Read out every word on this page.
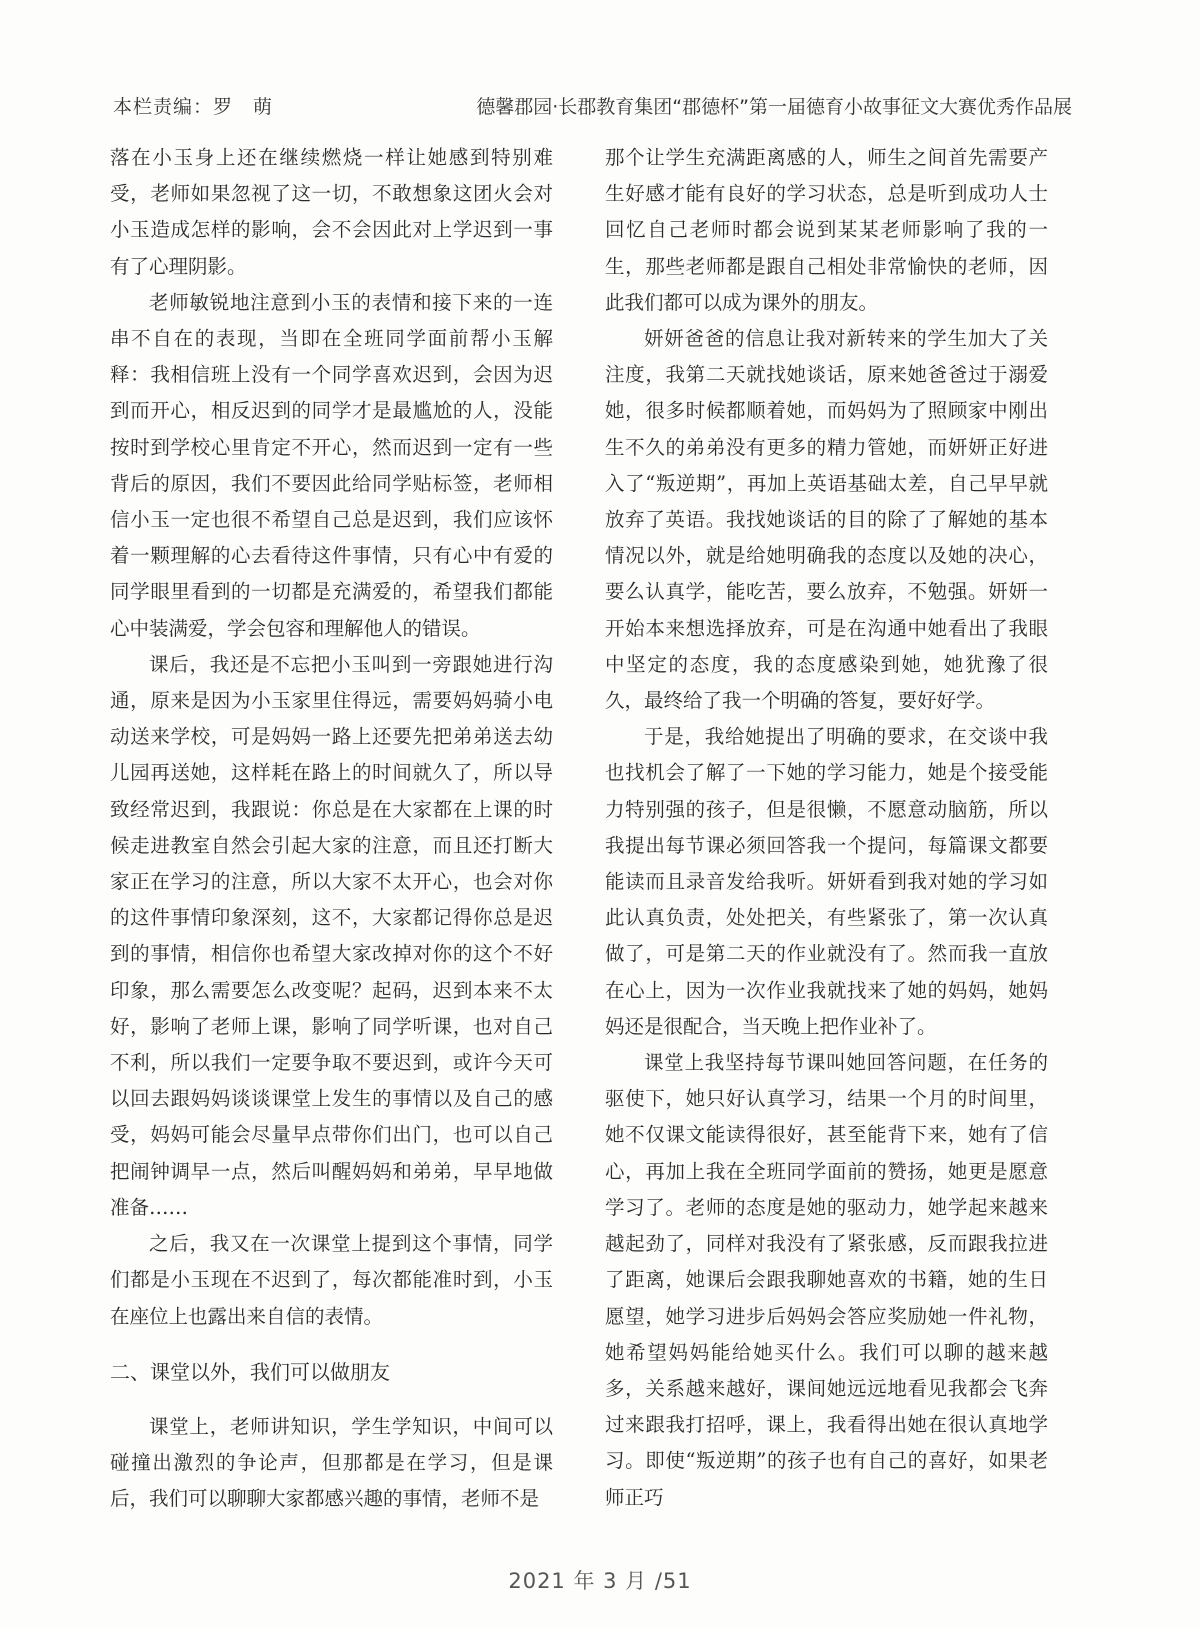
本栏责编：罗　萌	德馨郡园·长郡教育集团“郡德杯”第一届德育小故事征文大赛优秀作品展

落在小玉身上还在继续燃烧一样让她感到特别难受，老师如果忽视了这一切，不敢想象这团火会对小玉造成怎样的影响，会不会因此对上学迟到一事有了心理阴影。

老师敏锐地注意到小玉的表情和接下来的一连串不自在的表现，当即在全班同学面前帮小玉解释：我相信班上没有一个同学喜欢迟到，会因为迟到而开心，相反迟到的同学才是最尴尬的人，没能按时到学校心里肯定不开心，然而迟到一定有一些背后的原因，我们不要因此给同学贴标签，老师相信小玉一定也很不希望自己总是迟到，我们应该怀着一颗理解的心去看待这件事情，只有心中有爱的同学眼里看到的一切都是充满爱的，希望我们都能心中装满爱，学会包容和理解他人的错误。

课后，我还是不忘把小玉叫到一旁跟她进行沟通，原来是因为小玉家里住得远，需要妈妈骑小电动送来学校，可是妈妈一路上还要先把弟弟送去幼儿园再送她，这样耗在路上的时间就久了，所以导致经常迟到，我跟说：你总是在大家都在上课的时候走进教室自然会引起大家的注意，而且还打断大家正在学习的注意，所以大家不太开心，也会对你的这件事情印象深刻，这不，大家都记得你总是迟到的事情，相信你也希望大家改掉对你的这个不好印象，那么需要怎么改变呢？起码，迟到本来不太好，影响了老师上课，影响了同学听课，也对自己不利，所以我们一定要争取不要迟到，或许今天可以回去跟妈妈谈谈课堂上发生的事情以及自己的感受，妈妈可能会尽量早点带你们出门，也可以自己把闹钟调早一点，然后叫醒妈妈和弟弟，早早地做准备……

之后，我又在一次课堂上提到这个事情，同学们都是小玉现在不迟到了，每次都能准时到，小玉在座位上也露出来自信的表情。

二、课堂以外，我们可以做朋友

课堂上，老师讲知识，学生学知识，中间可以碰撞出激烈的争论声，但那都是在学习，但是课后，我们可以聊聊大家都感兴趣的事情，老师不是

那个让学生充满距离感的人，师生之间首先需要产生好感才能有良好的学习状态，总是听到成功人士回忆自己老师时都会说到某某老师影响了我的一生，那些老师都是跟自己相处非常愉快的老师，因此我们都可以成为课外的朋友。

妍妍爸爸的信息让我对新转来的学生加大了关注度，我第二天就找她谈话，原来她爸爸过于溺爱她，很多时候都顺着她，而妈妈为了照顾家中刚出生不久的弟弟没有更多的精力管她，而妍妍正好进入了“叛逆期”，再加上英语基础太差，自己早早就放弃了英语。我找她谈话的目的除了了解她的基本情况以外，就是给她明确我的态度以及她的决心，要么认真学，能吃苦，要么放弃，不勉强。妍妍一开始本来想选择放弃，可是在沟通中她看出了我眼中坚定的态度，我的态度感染到她，她犹豫了很久，最终给了我一个明确的答复，要好好学。

于是，我给她提出了明确的要求，在交谈中我也找机会了解了一下她的学习能力，她是个接受能力特别强的孩子，但是很懒，不愿意动脑筋，所以我提出每节课必须回答我一个提问，每篇课文都要能读而且录音发给我听。妍妍看到我对她的学习如此认真负责，处处把关，有些紧张了，第一次认真做了，可是第二天的作业就没有了。然而我一直放在心上，因为一次作业我就找来了她的妈妈，她妈妈还是很配合，当天晚上把作业补了。

课堂上我坚持每节课叫她回答问题，在任务的驱使下，她只好认真学习，结果一个月的时间里，她不仅课文能读得很好，甚至能背下来，她有了信心，再加上我在全班同学面前的赞扬，她更是愿意学习了。老师的态度是她的驱动力，她学起来越来越起劲了，同样对我没有了紧张感，反而跟我拉进了距离，她课后会跟我聊她喜欢的书籍，她的生日愿望，她学习进步后妈妈会答应奖励她一件礼物，她希望妈妈能给她买什么。我们可以聊的越来越多，关系越来越好，课间她远远地看见我都会飞奔过来跟我打招呼，课上，我看得出她在很认真地学习。即使“叛逆期”的孩子也有自己的喜好，如果老师正巧

2021 年 3 月 /51
